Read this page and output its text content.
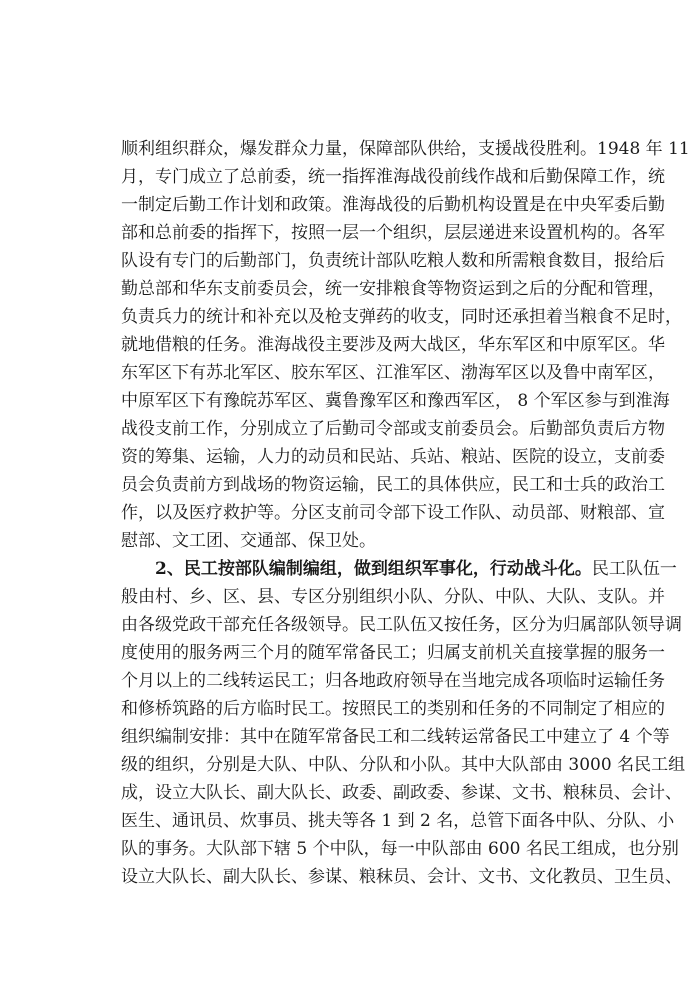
顺利组织群众，爆发群众力量，保障部队供给，支援战役胜利。1948 年 11
月，专门成立了总前委，统一指挥淮海战役前线作战和后勤保障工作，统
一制定后勤工作计划和政策。淮海战役的后勤机构设置是在中央军委后勤
部和总前委的指挥下，按照一层一个组织，层层递进来设置机构的。各军
队设有专门的后勤部门，负责统计部队吃粮人数和所需粮食数目，报给后
勤总部和华东支前委员会，统一安排粮食等物资运到之后的分配和管理，
负责兵力的统计和补充以及枪支弹药的收支，同时还承担着当粮食不足时，
就地借粮的任务。淮海战役主要涉及两大战区，华东军区和中原军区。华
东军区下有苏北军区、胶东军区、江淮军区、渤海军区以及鲁中南军区，
中原军区下有豫皖苏军区、冀鲁豫军区和豫西军区， 8 个军区参与到淮海
战役支前工作，分别成立了后勤司令部或支前委员会。后勤部负责后方物
资的筹集、运输，人力的动员和民站、兵站、粮站、医院的设立，支前委
员会负责前方到战场的物资运输，民工的具体供应，民工和士兵的政治工
作，以及医疗救护等。分区支前司令部下设工作队、动员部、财粮部、宣
慰部、文工团、交通部、保卫处。
　　2、民工按部队编制编组，做到组织军事化，行动战斗化。民工队伍一
般由村、乡、区、县、专区分别组织小队、分队、中队、大队、支队。并
由各级党政干部充任各级领导。民工队伍又按任务，区分为归属部队领导调
度使用的服务两三个月的随军常备民工；归属支前机关直接掌握的服务一
个月以上的二线转运民工；归各地政府领导在当地完成各项临时运输任务
和修桥筑路的后方临时民工。按照民工的类别和任务的不同制定了相应的
组织编制安排：其中在随军常备民工和二线转运常备民工中建立了 4 个等
级的组织，分别是大队、中队、分队和小队。其中大队部由 3000 名民工组
成，设立大队长、副大队长、政委、副政委、参谋、文书、粮秣员、会计、
医生、通讯员、炊事员、挑夫等各 1 到 2 名，总管下面各中队、分队、小
队的事务。大队部下辖 5 个中队，每一中队部由 600 名民工组成，也分别
设立大队长、副大队长、参谋、粮秣员、会计、文书、文化教员、卫生员、
